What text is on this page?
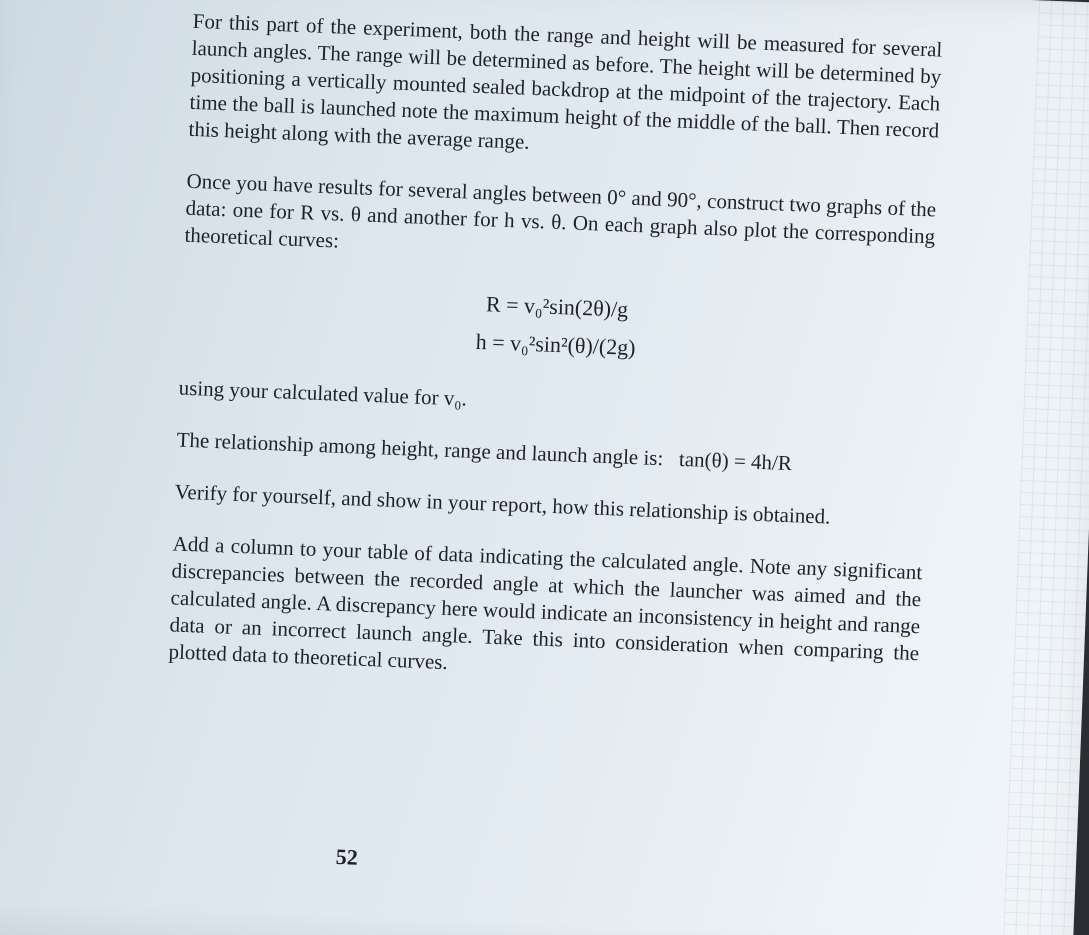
For this part of the experiment, both the range and height will be measured for several launch angles. The range will be determined as before. The height will be determined by positioning a vertically mounted sealed backdrop at the midpoint of the trajectory. Each time the ball is launched note the maximum height of the middle of the ball. Then record this height along with the average range.

Once you have results for several angles between 0° and 90°, construct two graphs of the data: one for R vs. θ and another for h vs. θ. On each graph also plot the corresponding theoretical curves:

R = v₀²sin(2θ)/g
h = v₀²sin²(θ)/(2g)

using your calculated value for v₀.

The relationship among height, range and launch angle is: tan(θ) = 4h/R

Verify for yourself, and show in your report, how this relationship is obtained.

Add a column to your table of data indicating the calculated angle. Note any significant discrepancies between the recorded angle at which the launcher was aimed and the calculated angle. A discrepancy here would indicate an inconsistency in height and range data or an incorrect launch angle. Take this into consideration when comparing the plotted data to theoretical curves.

52
